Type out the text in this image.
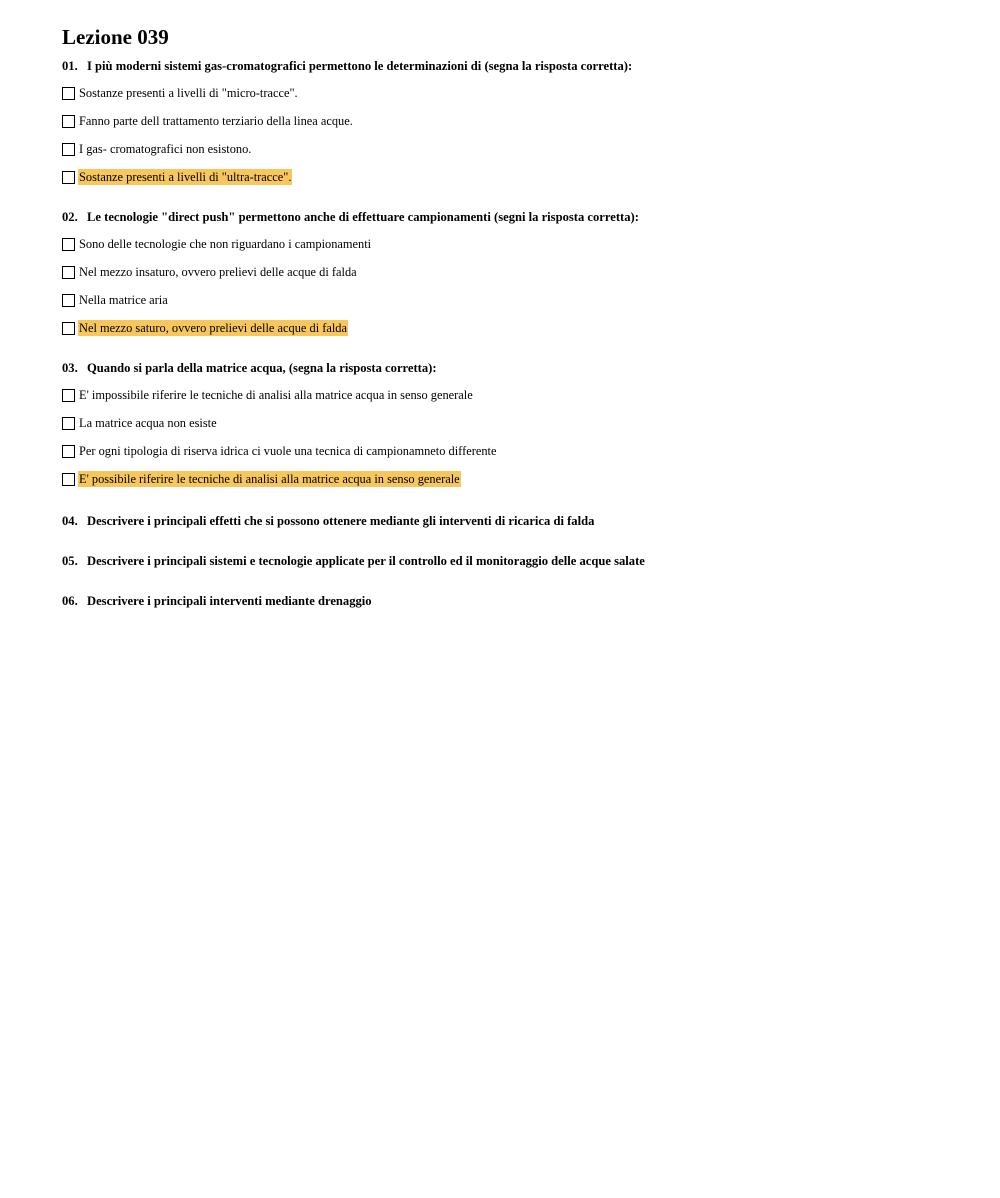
Lezione 039
01. I più moderni sistemi gas-cromatografici permettono le determinazioni di (segna la risposta corretta):
Sostanze presenti a livelli di "micro-tracce".
Fanno parte dell trattamento terziario della linea acque.
I gas- cromatografici non esistono.
Sostanze presenti a livelli di "ultra-tracce".
02. Le tecnologie "direct push" permettono anche di effettuare campionamenti (segni la risposta corretta):
Sono delle tecnologie che non riguardano i campionamenti
Nel mezzo insaturo, ovvero prelievi delle acque di falda
Nella matrice aria
Nel mezzo saturo, ovvero prelievi delle acque di falda
03. Quando si parla della matrice acqua, (segna la risposta corretta):
E' impossibile riferire le tecniche di analisi alla matrice acqua in senso generale
La matrice acqua non esiste
Per ogni tipologia di riserva idrica ci vuole una tecnica di campionamneto differente
E' possibile riferire le tecniche di analisi alla matrice acqua in senso generale
04. Descrivere i principali effetti che si possono ottenere mediante gli interventi di ricarica di falda
05. Descrivere i principali sistemi e tecnologie applicate per il controllo ed il monitoraggio delle acque salate
06. Descrivere i principali interventi mediante drenaggio
